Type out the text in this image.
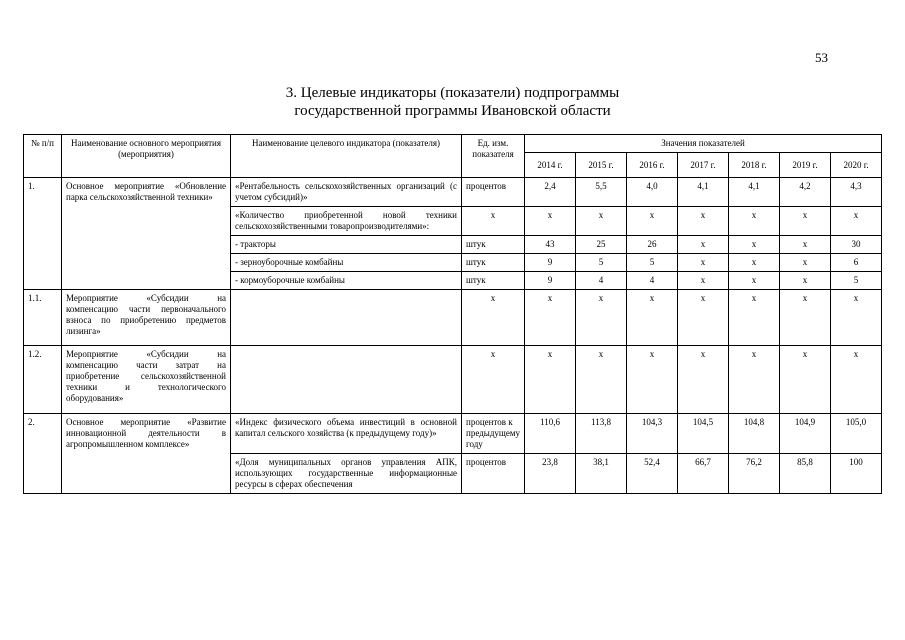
53
3. Целевые индикаторы (показатели) подпрограммы
государственной программы Ивановской области
№ п/п	Наименование основного мероприятия (мероприятия)	Наименование целевого индикатора (показателя)	Ед. изм. показателя	Значения показателей						
				2014 г.	2015 г.	2016 г.	2017 г.	2018 г.	2019 г.	2020 г.
1.	Основное мероприятие «Обновление парка сельскохозяйственной техники»	«Рентабельность сельскохозяйственных организаций (с учетом субсидий)»	процентов	2,4	5,5	4,0	4,1	4,1	4,2	4,3
		«Количество приобретенной новой техники сельскохозяйственными товаропроизводителями»:	х	х	х	х	х	х	х	х
		- тракторы	штук	43	25	26	х	х	х	30
		- зерноуборочные комбайны	штук	9	5	5	х	х	х	6
		- кормоуборочные комбайны	штук	9	4	4	х	х	х	5
1.1.	Мероприятие «Субсидии на компенсацию части первоначального взноса по приобретению предметов лизинга»		х	х	х	х	х	х	х	х
1.2.	Мероприятие «Субсидии на компенсацию части затрат на приобретение сельскохозяйственной техники и технологического оборудования»		х	х	х	х	х	х	х	х
2.	Основное мероприятие «Развитие инновационной деятельности в агропромышленном комплексе»	«Индекс физического объема инвестиций в основной капитал сельского хозяйства (к предыдущему году)»	процентов к предыдущему году	110,6	113,8	104,3	104,5	104,8	104,9	105,0
		«Доля муниципальных органов управления АПК, использующих государственные информационные ресурсы в сферах обеспечения	процентов	23,8	38,1	52,4	66,7	76,2	85,8	100
